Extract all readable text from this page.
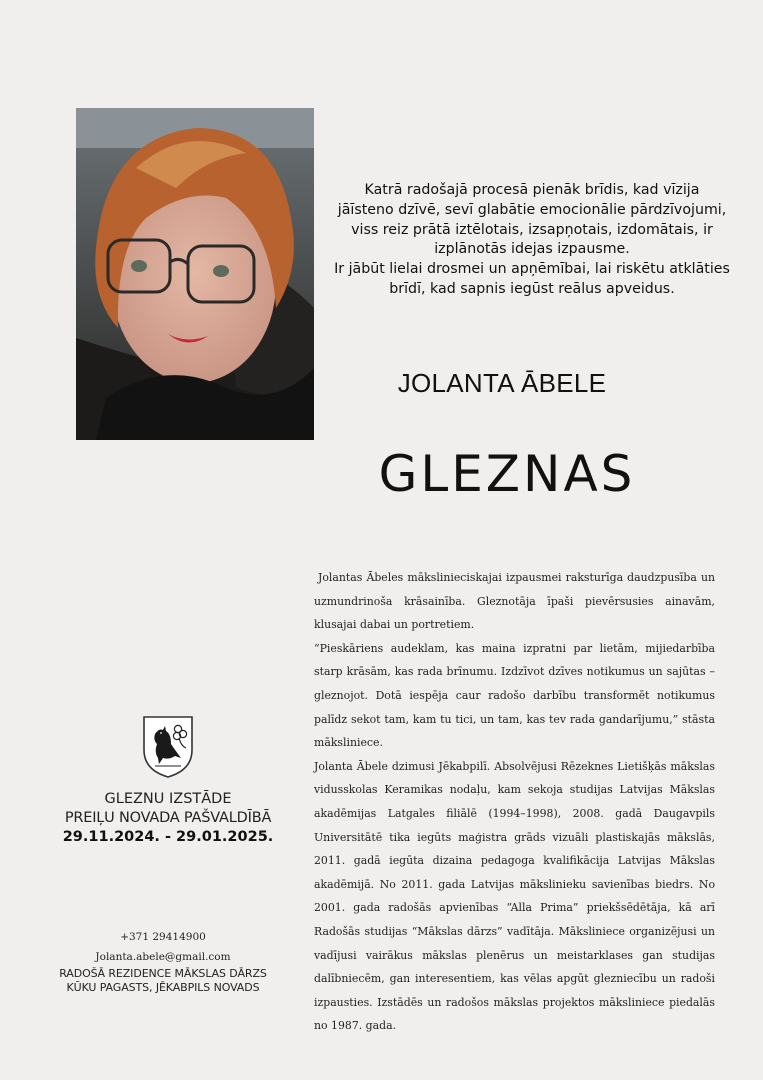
Katrā radošajā procesā pienāk brīdis, kad vīzija
jāīsteno dzīvē, sevī glabātie emocionālie pārdzīvojumi,
viss reiz prātā iztēlotais, izsapņotais, izdomātais, ir
izplānotās idejas izpausme.
Ir jābūt lielai drosmei un apņēmībai, lai riskētu atklāties
brīdī, kad sapnis iegūst reālus apveidus.
JOLANTA ĀBELE
GLEZNAS
GLEZNU IZSTĀDE
PREIĻU NOVADA PAŠVALDĪBĀ
29.11.2024. - 29.01.2025.
+371 29414900
Jolanta.abele@gmail.com
RADOŠĀ REZIDENCE MĀKSLAS DĀRZS
KŪKU PAGASTS, JĒKABPILS NOVADS

Jolantas Ābeles mākslinieciskajai izpausmei raksturīga daudzpusība un uzmundrinoša krāsainība. Gleznotāja īpaši pievērsusies ainavām, klusajai dabai un portretiem.

“Pieskāriens audeklam, kas maina izpratni par lietām, mijiedarbība starp krāsām, kas rada brīnumu. Izdzīvot dzīves notikumus un sajūtas – gleznojot. Dotā iespēja caur radošo darbību transformēt notikumus palīdz sekot tam, kam tu tici, un tam, kas tev rada gandarījumu,” stāsta māksliniece.

Jolanta Ābele dzimusi Jēkabpilī. Absolvējusi Rēzeknes Lietišķās mākslas vidusskolas Keramikas nodaļu, kam sekoja studijas Latvijas Mākslas akadēmijas Latgales filiālē (1994–1998), 2008. gadā Daugavpils Universitātē tika iegūts maģistra grāds vizuāli plastiskajās mākslās, 2011. gadā iegūta dizaina pedagoga kvalifikācija Latvijas Mākslas akadēmijā. No 2011. gada Latvijas mākslinieku savienības biedrs. No 2001. gada radošās apvienības “Alla Prima” priekšsēdētāja, kā arī Radošās studijas “Mākslas dārzs” vadītāja. Māksliniece organizējusi un vadījusi vairākus mākslas plenērus un meistarklases gan studijas dalībniecēm, gan interesentiem, kas vēlas apgūt glezniecību un radoši izpausties. Izstādēs un radošos mākslas projektos māksliniece piedalās no 1987. gada.
